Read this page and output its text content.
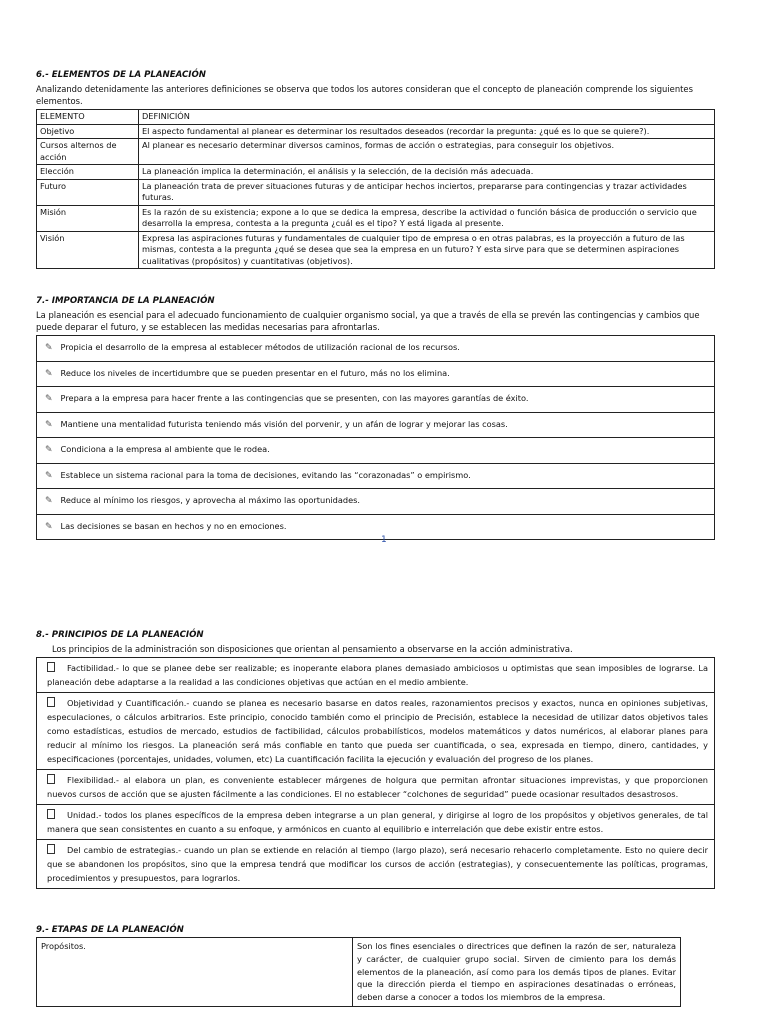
6.- ELEMENTOS DE LA PLANEACIÓN
Analizando detenidamente las anteriores definiciones se observa que todos los autores consideran que el concepto de planeación comprende los siguientes elementos.
ELEMENTO	DEFINICIÓN
Objetivo	El aspecto fundamental al planear es determinar los resultados deseados (recordar la pregunta: ¿qué es lo que se quiere?).
Cursos alternos de acción	Al planear es necesario determinar diversos caminos, formas de acción o estrategias, para conseguir los objetivos.
Elección	La planeación implica la determinación, el análisis y la selección, de la decisión más adecuada.
Futuro	La planeación trata de prever situaciones futuras y de anticipar hechos inciertos, prepararse para contingencias y trazar actividades futuras.
Misión	Es la razón de su existencia; expone a lo que se dedica la empresa, describe la actividad o función básica de producción o servicio que desarrolla la empresa, contesta a la pregunta ¿cuál es el tipo? Y está ligada al presente.
Visión	Expresa las aspiraciones futuras y fundamentales de cualquier tipo de empresa o en otras palabras, es la proyección a futuro de las mismas, contesta a la pregunta ¿qué se desea que sea la empresa en un futuro? Y esta sirve para que se determinen aspiraciones cualitativas (propósitos) y cuantitativas (objetivos).
7.- IMPORTANCIA DE LA PLANEACIÓN
La planeación es esencial para el adecuado funcionamiento de cualquier organismo social, ya que a través de ella se prevén las contingencias y cambios que puede deparar el futuro, y se establecen las medidas necesarias para afrontarlas.
✎ Propicia el desarrollo de la empresa al establecer métodos de utilización racional de los recursos.
✎ Reduce los niveles de incertidumbre que se pueden presentar en el futuro, más no los elimina.
✎ Prepara a la empresa para hacer frente a las contingencias que se presenten, con las mayores garantías de éxito.
✎ Mantiene una mentalidad futurista teniendo más visión del porvenir, y un afán de lograr y mejorar las cosas.
✎ Condiciona a la empresa al ambiente que le rodea.
✎ Establece un sistema racional para la toma de decisiones, evitando las “corazonadas” o empirismo.
✎ Reduce al mínimo los riesgos, y aprovecha al máximo las oportunidades.
✎ Las decisiones se basan en hechos y no en emociones.
1
8.- PRINCIPIOS DE LA PLANEACIÓN
Los principios de la administración son disposiciones que orientan al pensamiento a observarse en la acción administrativa.
Factibilidad.- lo que se planee debe ser realizable; es inoperante elabora planes demasiado ambiciosos u optimistas que sean imposibles de lograrse. La planeación debe adaptarse a la realidad a las condiciones objetivas que actúan en el medio ambiente.
Objetividad y Cuantificación.- cuando se planea es necesario basarse en datos reales, razonamientos precisos y exactos, nunca en opiniones subjetivas, especulaciones, o cálculos arbitrarios. Este principio, conocido también como el principio de Precisión, establece la necesidad de utilizar datos objetivos tales como estadísticas, estudios de mercado, estudios de factibilidad, cálculos probabilísticos, modelos matemáticos y datos numéricos, al elaborar planes para reducir al mínimo los riesgos. La planeación será más confiable en tanto que pueda ser cuantificada, o sea, expresada en tiempo, dinero, cantidades, y especificaciones (porcentajes, unidades, volumen, etc) La cuantificación facilita la ejecución y evaluación del progreso de los planes.
Flexibilidad.- al elabora un plan, es conveniente establecer márgenes de holgura que permitan afrontar situaciones imprevistas, y que proporcionen nuevos cursos de acción que se ajusten fácilmente a las condiciones. El no establecer “colchones de seguridad” puede ocasionar resultados desastrosos.
Unidad.- todos los planes específicos de la empresa deben integrarse a un plan general, y dirigirse al logro de los propósitos y objetivos generales, de tal manera que sean consistentes en cuanto a su enfoque, y armónicos en cuanto al equilibrio e interrelación que debe existir entre estos.
Del cambio de estrategias.- cuando un plan se extiende en relación al tiempo (largo plazo), será necesario rehacerlo completamente. Esto no quiere decir que se abandonen los propósitos, sino que la empresa tendrá que modificar los cursos de acción (estrategias), y consecuentemente las políticas, programas, procedimientos y presupuestos, para lograrlos.
9.- ETAPAS DE LA PLANEACIÓN
Propósitos.	Son los fines esenciales o directrices que definen la razón de ser, naturaleza y carácter, de cualquier grupo social. Sirven de cimiento para los demás elementos de la planeación, así como para los demás tipos de planes. Evitar que la dirección pierda el tiempo en aspiraciones desatinadas o erróneas, deben darse a conocer a todos los miembros de la empresa.
